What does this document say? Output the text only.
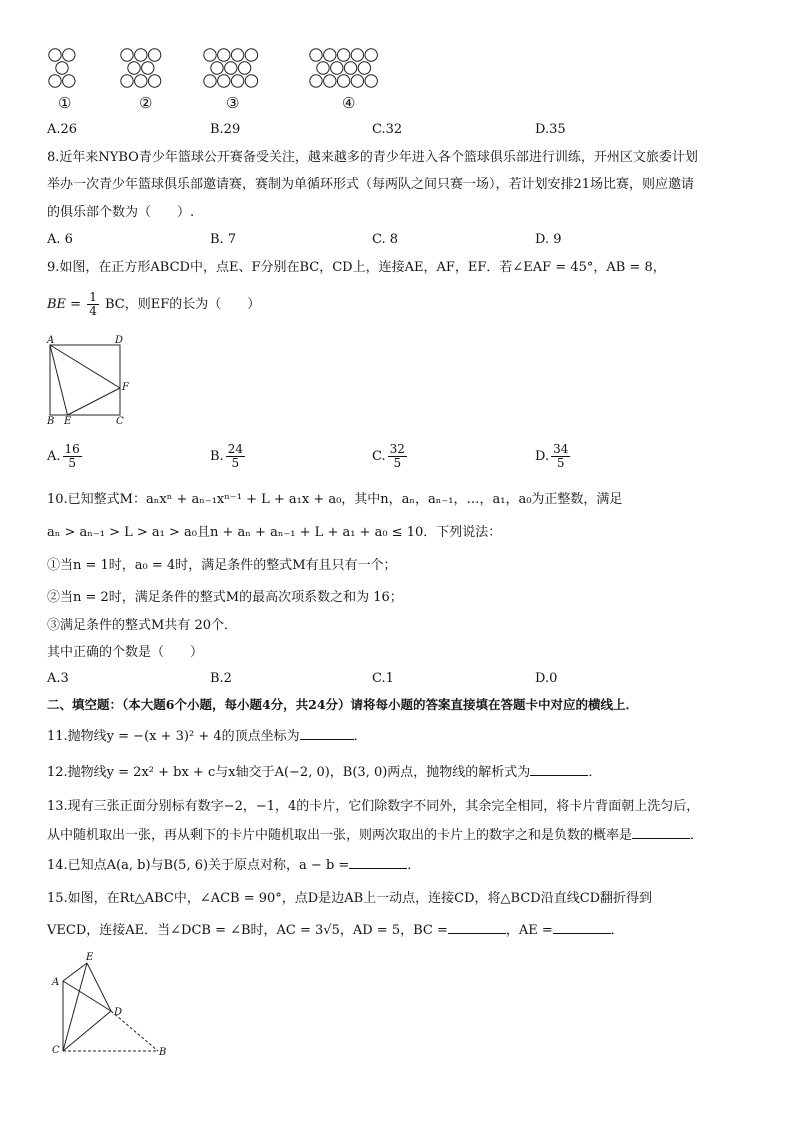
①	②	③	④
A.26	B.29	C.32	D.35
8.近年来NYBO青少年篮球公开赛备受关注，越来越多的青少年进入各个篮球俱乐部进行训练，开州区文旅委计划
举办一次青少年篮球俱乐部邀请赛，赛制为单循环形式（每两队之间只赛一场），若计划安排21场比赛，则应邀请
的俱乐部个数为（　　）.
A. 6	B. 7	C. 8	D. 9
9.如图，在正方形ABCD中，点E、F分别在BC，CD上，连接AE，AF，EF．若∠EAF = 45°，AB = 8，
BE = $\frac{1}{4}$ BC，则EF的长为（　　）
A	D
F
B E	C
A. $\frac{16}{5}$	B. $\frac{24}{5}$	C. $\frac{32}{5}$	D. $\frac{34}{5}$
10.已知整式M：aₙxⁿ + aₙ₋₁xⁿ⁻¹ + L + a₁x + a₀，其中n，aₙ，aₙ₋₁，…，a₁，a₀为正整数，满足
aₙ > aₙ₋₁ > L > a₁ > a₀且n + aₙ + aₙ₋₁ + L + a₁ + a₀ ≤ 10．下列说法：
①当n = 1时，a₀ = 4时，满足条件的整式M有且只有一个；
②当n = 2时，满足条件的整式M的最高次项系数之和为 16；
③满足条件的整式M共有 20个．
其中正确的个数是（　　）
A.3	B.2	C.1	D.0
二、填空题：（本大题6个小题，每小题4分，共24分）请将每小题的答案直接填在答题卡中对应的横线上．
11.抛物线y = −(x + 3)² + 4的顶点坐标为	．
12.抛物线y = 2x² + bx + c与x轴交于A(−2, 0)，B(3, 0)两点，抛物线的解析式为	．
13.现有三张正面分别标有数字−2，−1，4的卡片，它们除数字不同外，其余完全相同，将卡片背面朝上洗匀后，
从中随机取出一张，再从剩下的卡片中随机取出一张，则两次取出的卡片上的数字之和是负数的概率是	．
14.已知点A(a, b)与B(5, 6)关于原点对称，a − b =	．
15.如图，在Rt△ABC中，∠ACB = 90°，点D是边AB上一动点，连接CD，将△BCD沿直线CD翻折得到
VECD，连接AE．当∠DCB = ∠B时，AC = 3√5，AD = 5，BC =	，AE =	．
E
A
D
C	B
